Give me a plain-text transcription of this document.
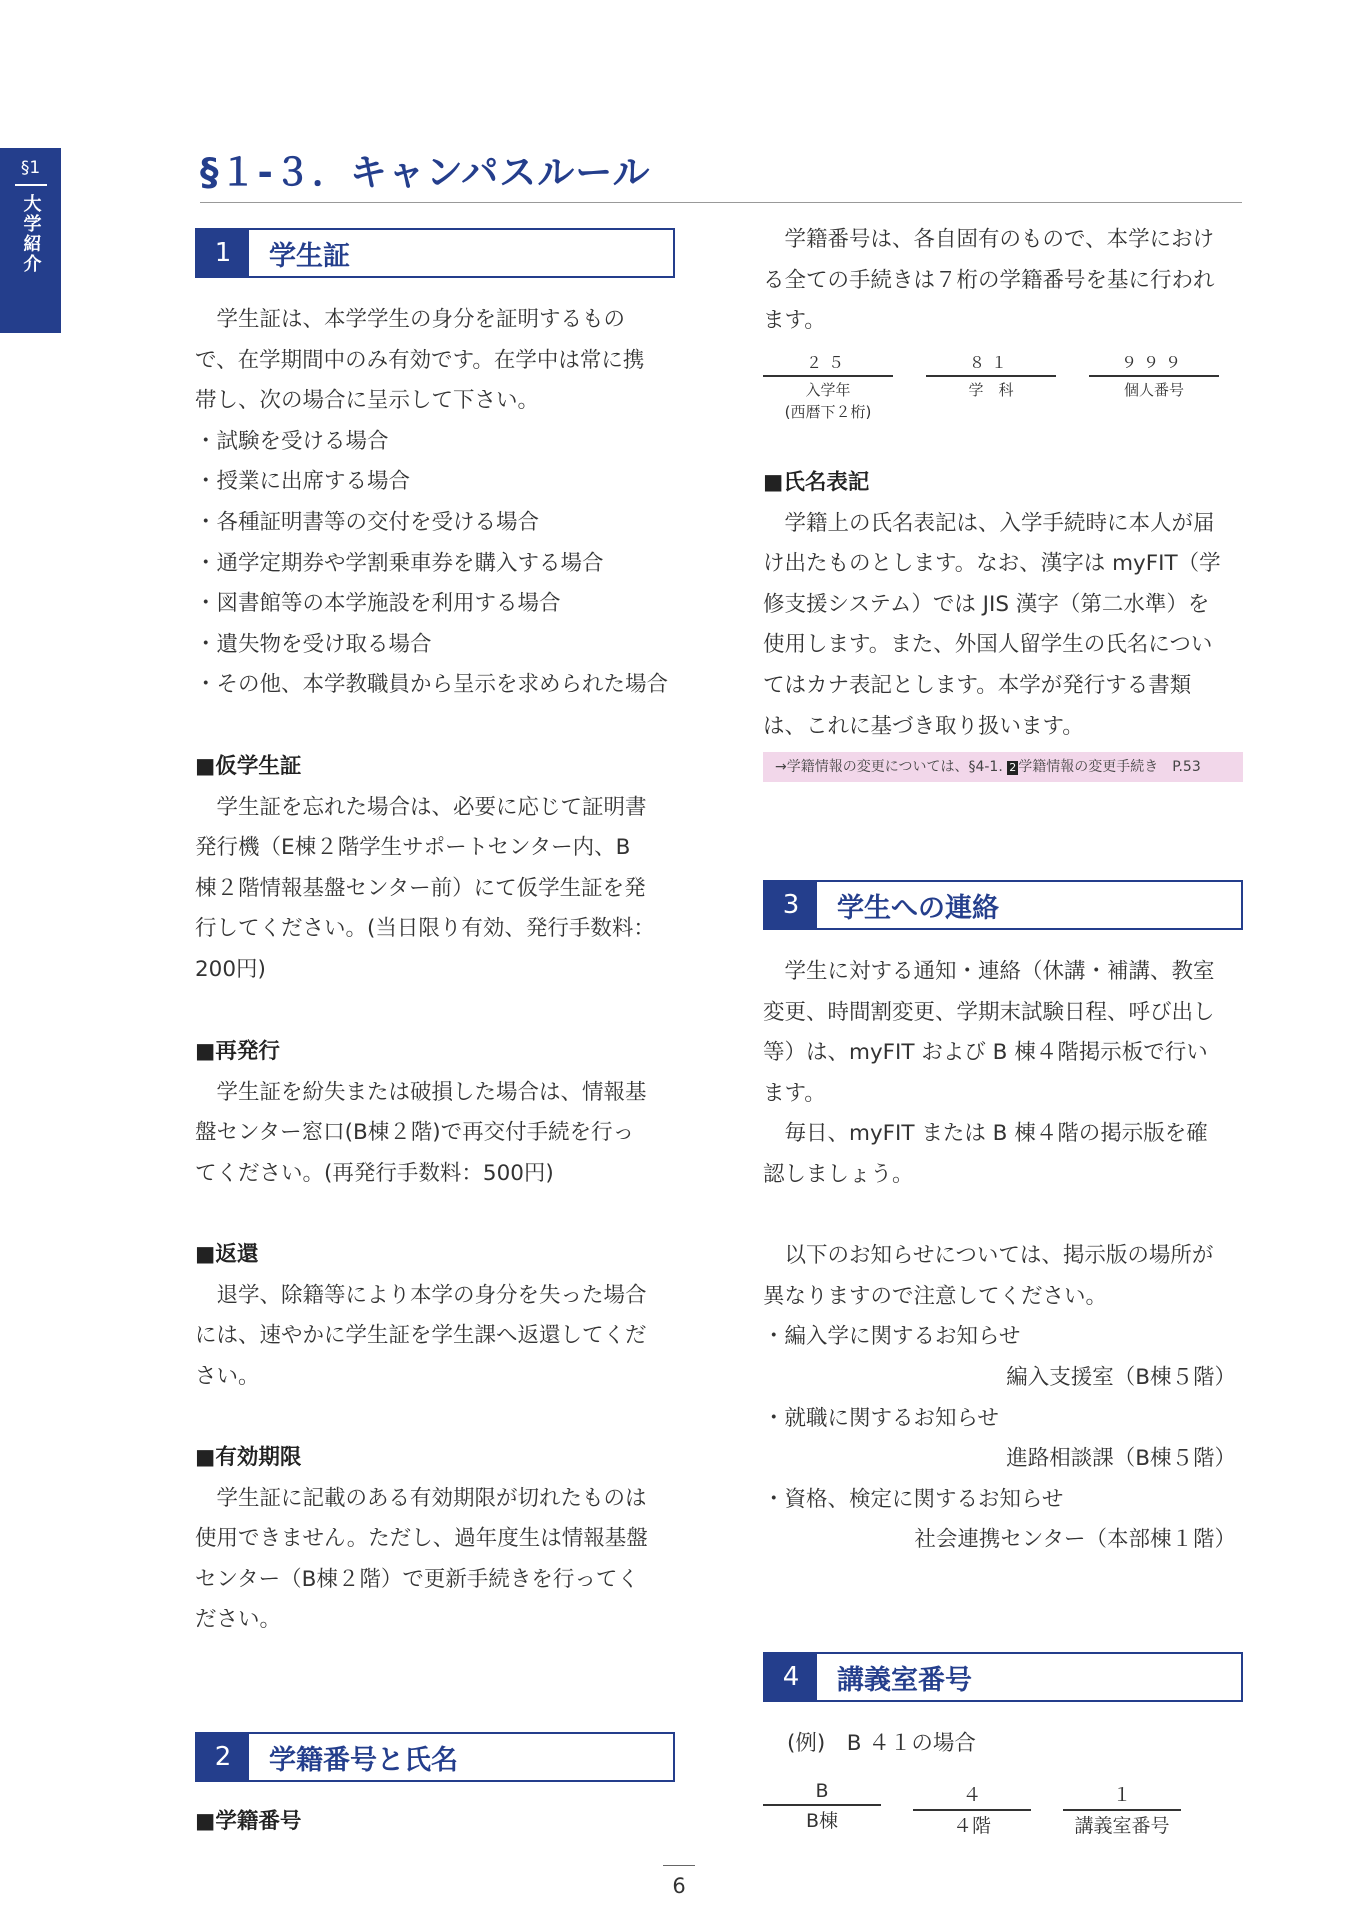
§1
大学紹介
§１-３．キャンパスルール
1	学生証

学生証は、本学学生の身分を証明するもの

で、在学期間中のみ有効です。在学中は常に携

帯し、次の場合に呈示して下さい。

・試験を受ける場合

・授業に出席する場合

・各種証明書等の交付を受ける場合

・通学定期券や学割乗車券を購入する場合

・図書館等の本学施設を利用する場合

・遺失物を受け取る場合

・その他、本学教職員から呈示を求められた場合

■仮学生証

学生証を忘れた場合は、必要に応じて証明書

発行機（E棟２階学生サポートセンター内、B

棟２階情報基盤センター前）にて仮学生証を発

行してください。(当日限り有効、発行手数料：

200円)

■再発行

学生証を紛失または破損した場合は、情報基

盤センター窓口(B棟２階)で再交付手続を行っ

てください。(再発行手数料：500円)

■返還

退学、除籍等により本学の身分を失った場合

には、速やかに学生証を学生課へ返還してくだ

さい。

■有効期限

学生証に記載のある有効期限が切れたものは

使用できません。ただし、過年度生は情報基盤

センター（B棟２階）で更新手続きを行ってく

ださい。

2	学籍番号と氏名

■学籍番号

学籍番号は、各自固有のもので、本学におけ

る全ての手続きは７桁の学籍番号を基に行われ

ます。

２５
入学年
(西暦下２桁)
８１
学　科
９９９
個人番号

■氏名表記

学籍上の氏名表記は、入学手続時に本人が届

け出たものとします。なお、漢字は myFIT（学

修支援システム）では JIS 漢字（第二水準）を

使用します。また、外国人留学生の氏名につい

てはカナ表記とします。本学が発行する書類

は、これに基づき取り扱います。

→学籍情報の変更については、§4-1. 2 学籍情報の変更手続き　P.53
3	学生への連絡

学生に対する通知・連絡（休講・補講、教室

変更、時間割変更、学期末試験日程、呼び出し

等）は、myFIT および B 棟４階掲示板で行い

ます。

毎日、myFIT または B 棟４階の掲示版を確

認しましょう。

以下のお知らせについては、掲示版の場所が

異なりますので注意してください。

・編入学に関するお知らせ

編入支援室（B棟５階）

・就職に関するお知らせ

進路相談課（B棟５階）

・資格、検定に関するお知らせ

社会連携センター（本部棟１階）

4	講義室番号

(例)　B ４１の場合

B
B棟
４
４階
１
講義室番号
6
